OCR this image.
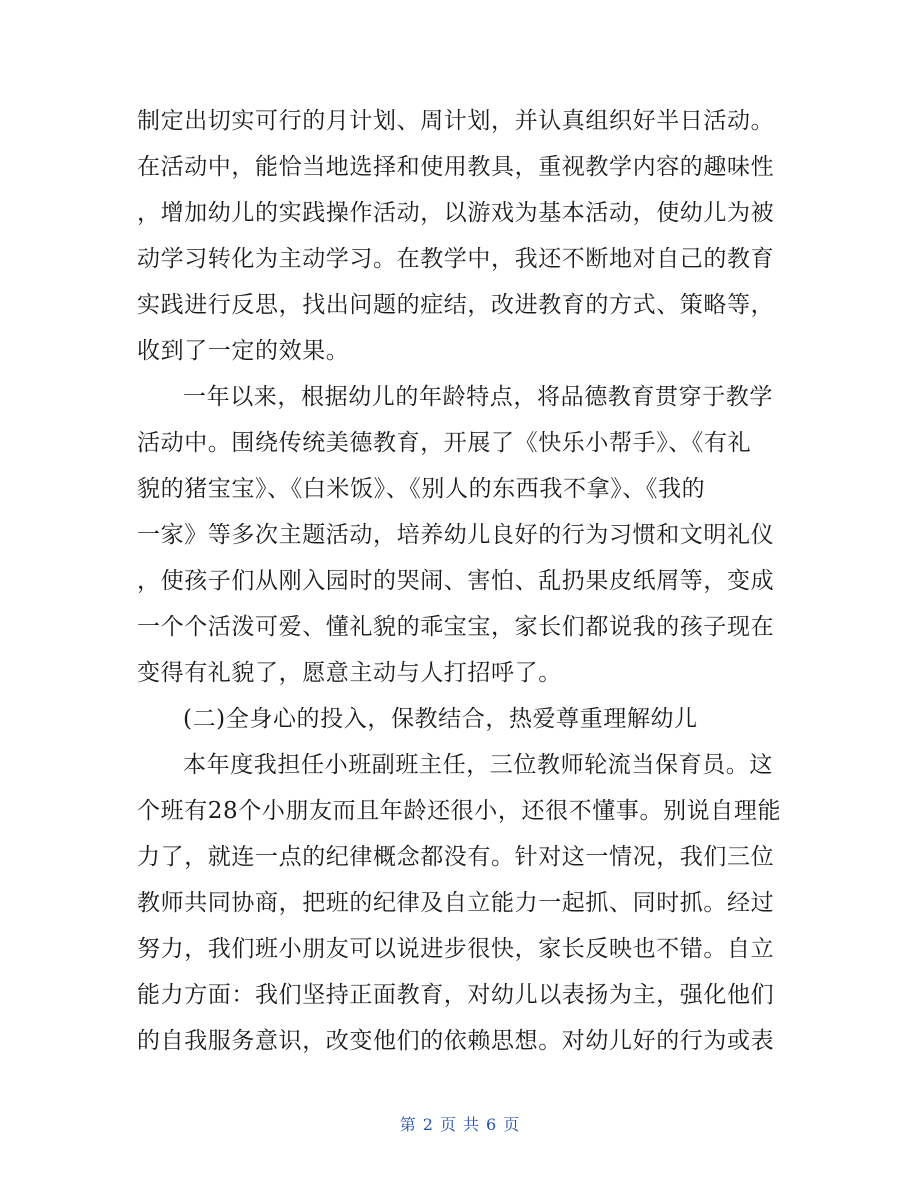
制定出切实可行的月计划、周计划，并认真组织好半日活动。
在活动中，能恰当地选择和使用教具，重视教学内容的趣味性
，增加幼儿的实践操作活动，以游戏为基本活动，使幼儿为被
动学习转化为主动学习。在教学中，我还不断地对自己的教育
实践进行反思，找出问题的症结，改进教育的方式、策略等，
收到了一定的效果。
一年以来，根据幼儿的年龄特点，将品德教育贯穿于教学
活动中。围绕传统美德教育，开展了《快乐小帮手》、《有礼
貌的猪宝宝》、《白米饭》、《别人的东西我不拿》、《我的
一家》等多次主题活动，培养幼儿良好的行为习惯和文明礼仪
，使孩子们从刚入园时的哭闹、害怕、乱扔果皮纸屑等，变成
一个个活泼可爱、懂礼貌的乖宝宝，家长们都说我的孩子现在
变得有礼貌了，愿意主动与人打招呼了。
(二)全身心的投入，保教结合，热爱尊重理解幼儿
本年度我担任小班副班主任，三位教师轮流当保育员。这
个班有28个小朋友而且年龄还很小，还很不懂事。别说自理能
力了，就连一点的纪律概念都没有。针对这一情况，我们三位
教师共同协商，把班的纪律及自立能力一起抓、同时抓。经过
努力，我们班小朋友可以说进步很快，家长反映也不错。自立
能力方面：我们坚持正面教育，对幼儿以表扬为主，强化他们
的自我服务意识，改变他们的依赖思想。对幼儿好的行为或表
第 2 页 共 6 页
